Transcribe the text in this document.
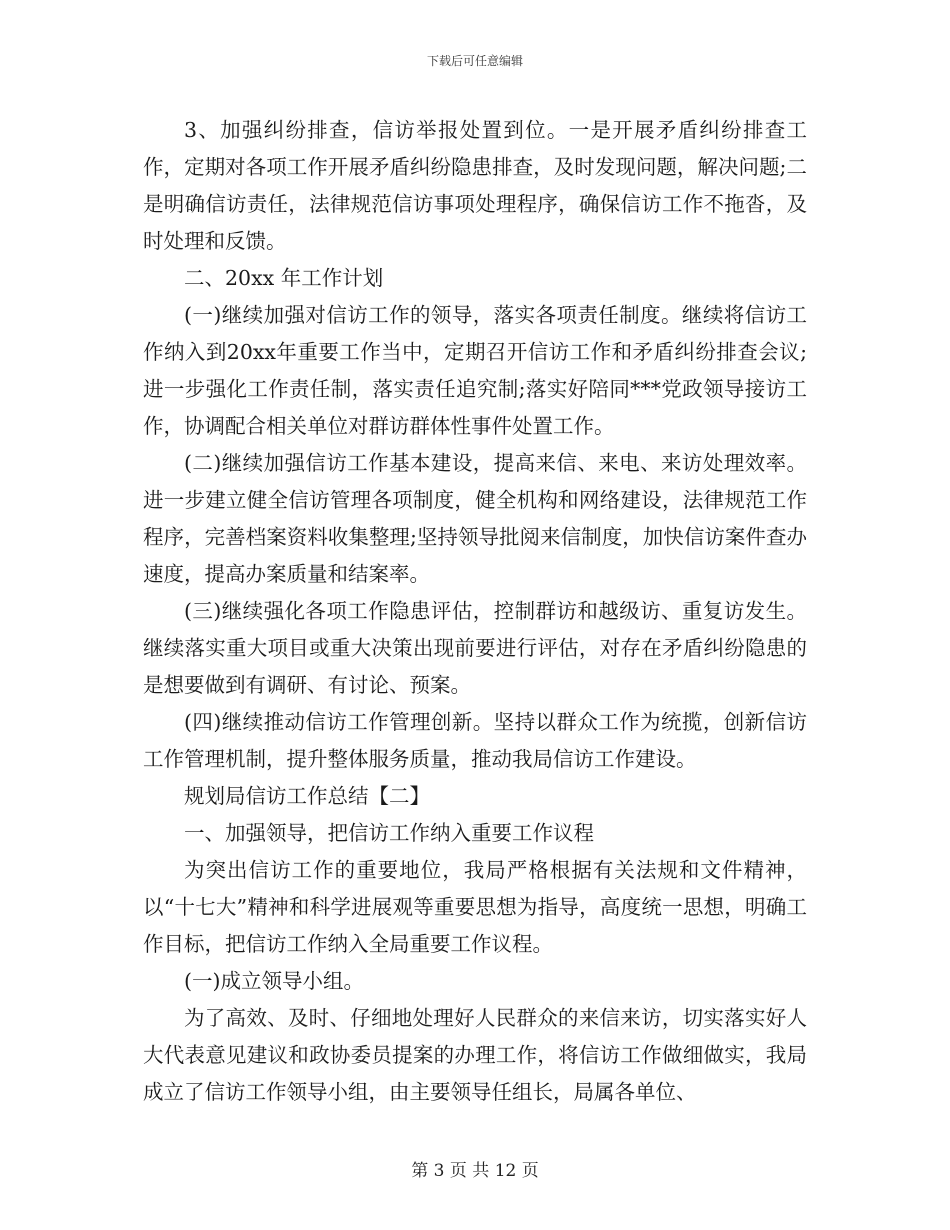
下载后可任意编辑

3、加强纠纷排查，信访举报处置到位。一是开展矛盾纠纷排查工作，定期对各项工作开展矛盾纠纷隐患排查，及时发现问题，解决问题;二是明确信访责任，法律规范信访事项处理程序，确保信访工作不拖沓，及时处理和反馈。

二、20xx 年工作计划

(一)继续加强对信访工作的领导，落实各项责任制度。继续将信访工作纳入到20xx年重要工作当中，定期召开信访工作和矛盾纠纷排查会议;进一步强化工作责任制，落实责任追究制;落实好陪同***党政领导接访工作，协调配合相关单位对群访群体性事件处置工作。

(二)继续加强信访工作基本建设，提高来信、来电、来访处理效率。进一步建立健全信访管理各项制度，健全机构和网络建设，法律规范工作程序，完善档案资料收集整理;坚持领导批阅来信制度，加快信访案件查办速度，提高办案质量和结案率。

(三)继续强化各项工作隐患评估，控制群访和越级访、重复访发生。继续落实重大项目或重大决策出现前要进行评估，对存在矛盾纠纷隐患的是想要做到有调研、有讨论、预案。

(四)继续推动信访工作管理创新。坚持以群众工作为统揽，创新信访工作管理机制，提升整体服务质量，推动我局信访工作建设。

规划局信访工作总结【二】

一、加强领导，把信访工作纳入重要工作议程

为突出信访工作的重要地位，我局严格根据有关法规和文件精神，以“十七大”精神和科学进展观等重要思想为指导，高度统一思想，明确工作目标，把信访工作纳入全局重要工作议程。

(一)成立领导小组。

为了高效、及时、仔细地处理好人民群众的来信来访，切实落实好人大代表意见建议和政协委员提案的办理工作，将信访工作做细做实，我局成立了信访工作领导小组，由主要领导任组长，局属各单位、

第 3 页 共 12 页
